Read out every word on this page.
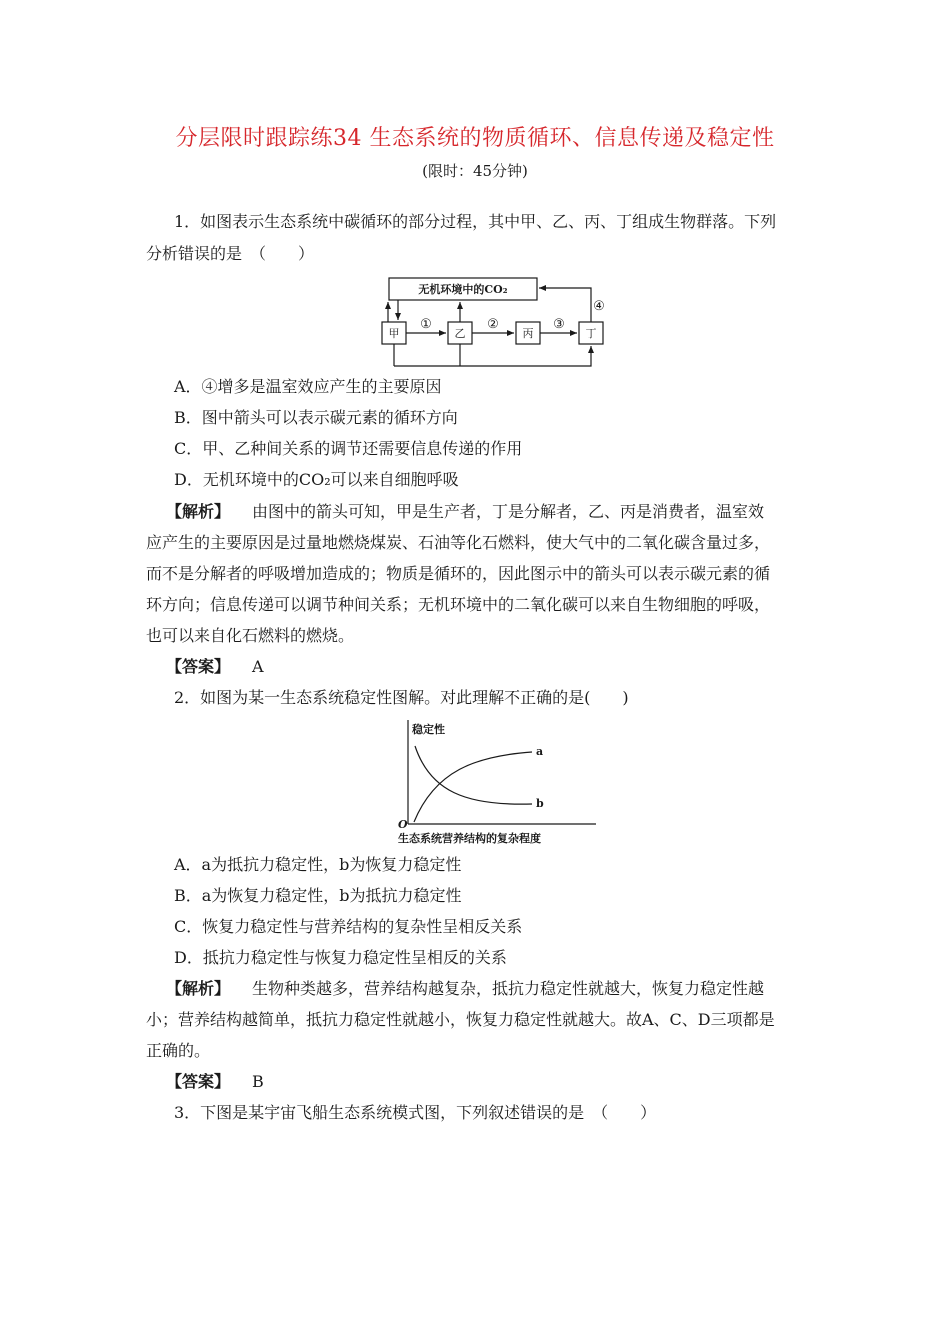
分层限时跟踪练34 生态系统的物质循环、信息传递及稳定性
(限时：45分钟)
1．如图表示生态系统中碳循环的部分过程，其中甲、乙、丙、丁组成生物群落。下列
分析错误的是　（　　）
无机环境中的CO₂
甲	乙	丙	丁
①	②	③
④
A．④增多是温室效应产生的主要原因
B．图中箭头可以表示碳元素的循环方向
C．甲、乙种间关系的调节还需要信息传递的作用
D．无机环境中的CO₂可以来自细胞呼吸
【解析】 由图中的箭头可知，甲是生产者，丁是分解者，乙、丙是消费者，温室效
应产生的主要原因是过量地燃烧煤炭、石油等化石燃料，使大气中的二氧化碳含量过多，
而不是分解者的呼吸增加造成的；物质是循环的，因此图示中的箭头可以表示碳元素的循
环方向；信息传递可以调节种间关系；无机环境中的二氧化碳可以来自生物细胞的呼吸，
也可以来自化石燃料的燃烧。
【答案】 A
2．如图为某一生态系统稳定性图解。对此理解不正确的是(　　)
稳定性
O
a
b
生态系统营养结构的复杂程度
A．a为抵抗力稳定性，b为恢复力稳定性
B．a为恢复力稳定性，b为抵抗力稳定性
C．恢复力稳定性与营养结构的复杂性呈相反关系
D．抵抗力稳定性与恢复力稳定性呈相反的关系
【解析】 生物种类越多，营养结构越复杂，抵抗力稳定性就越大，恢复力稳定性越
小；营养结构越简单，抵抗力稳定性就越小，恢复力稳定性就越大。故A、C、D三项都是
正确的。
【答案】 B
3．下图是某宇宙飞船生态系统模式图，下列叙述错误的是　（　　）
